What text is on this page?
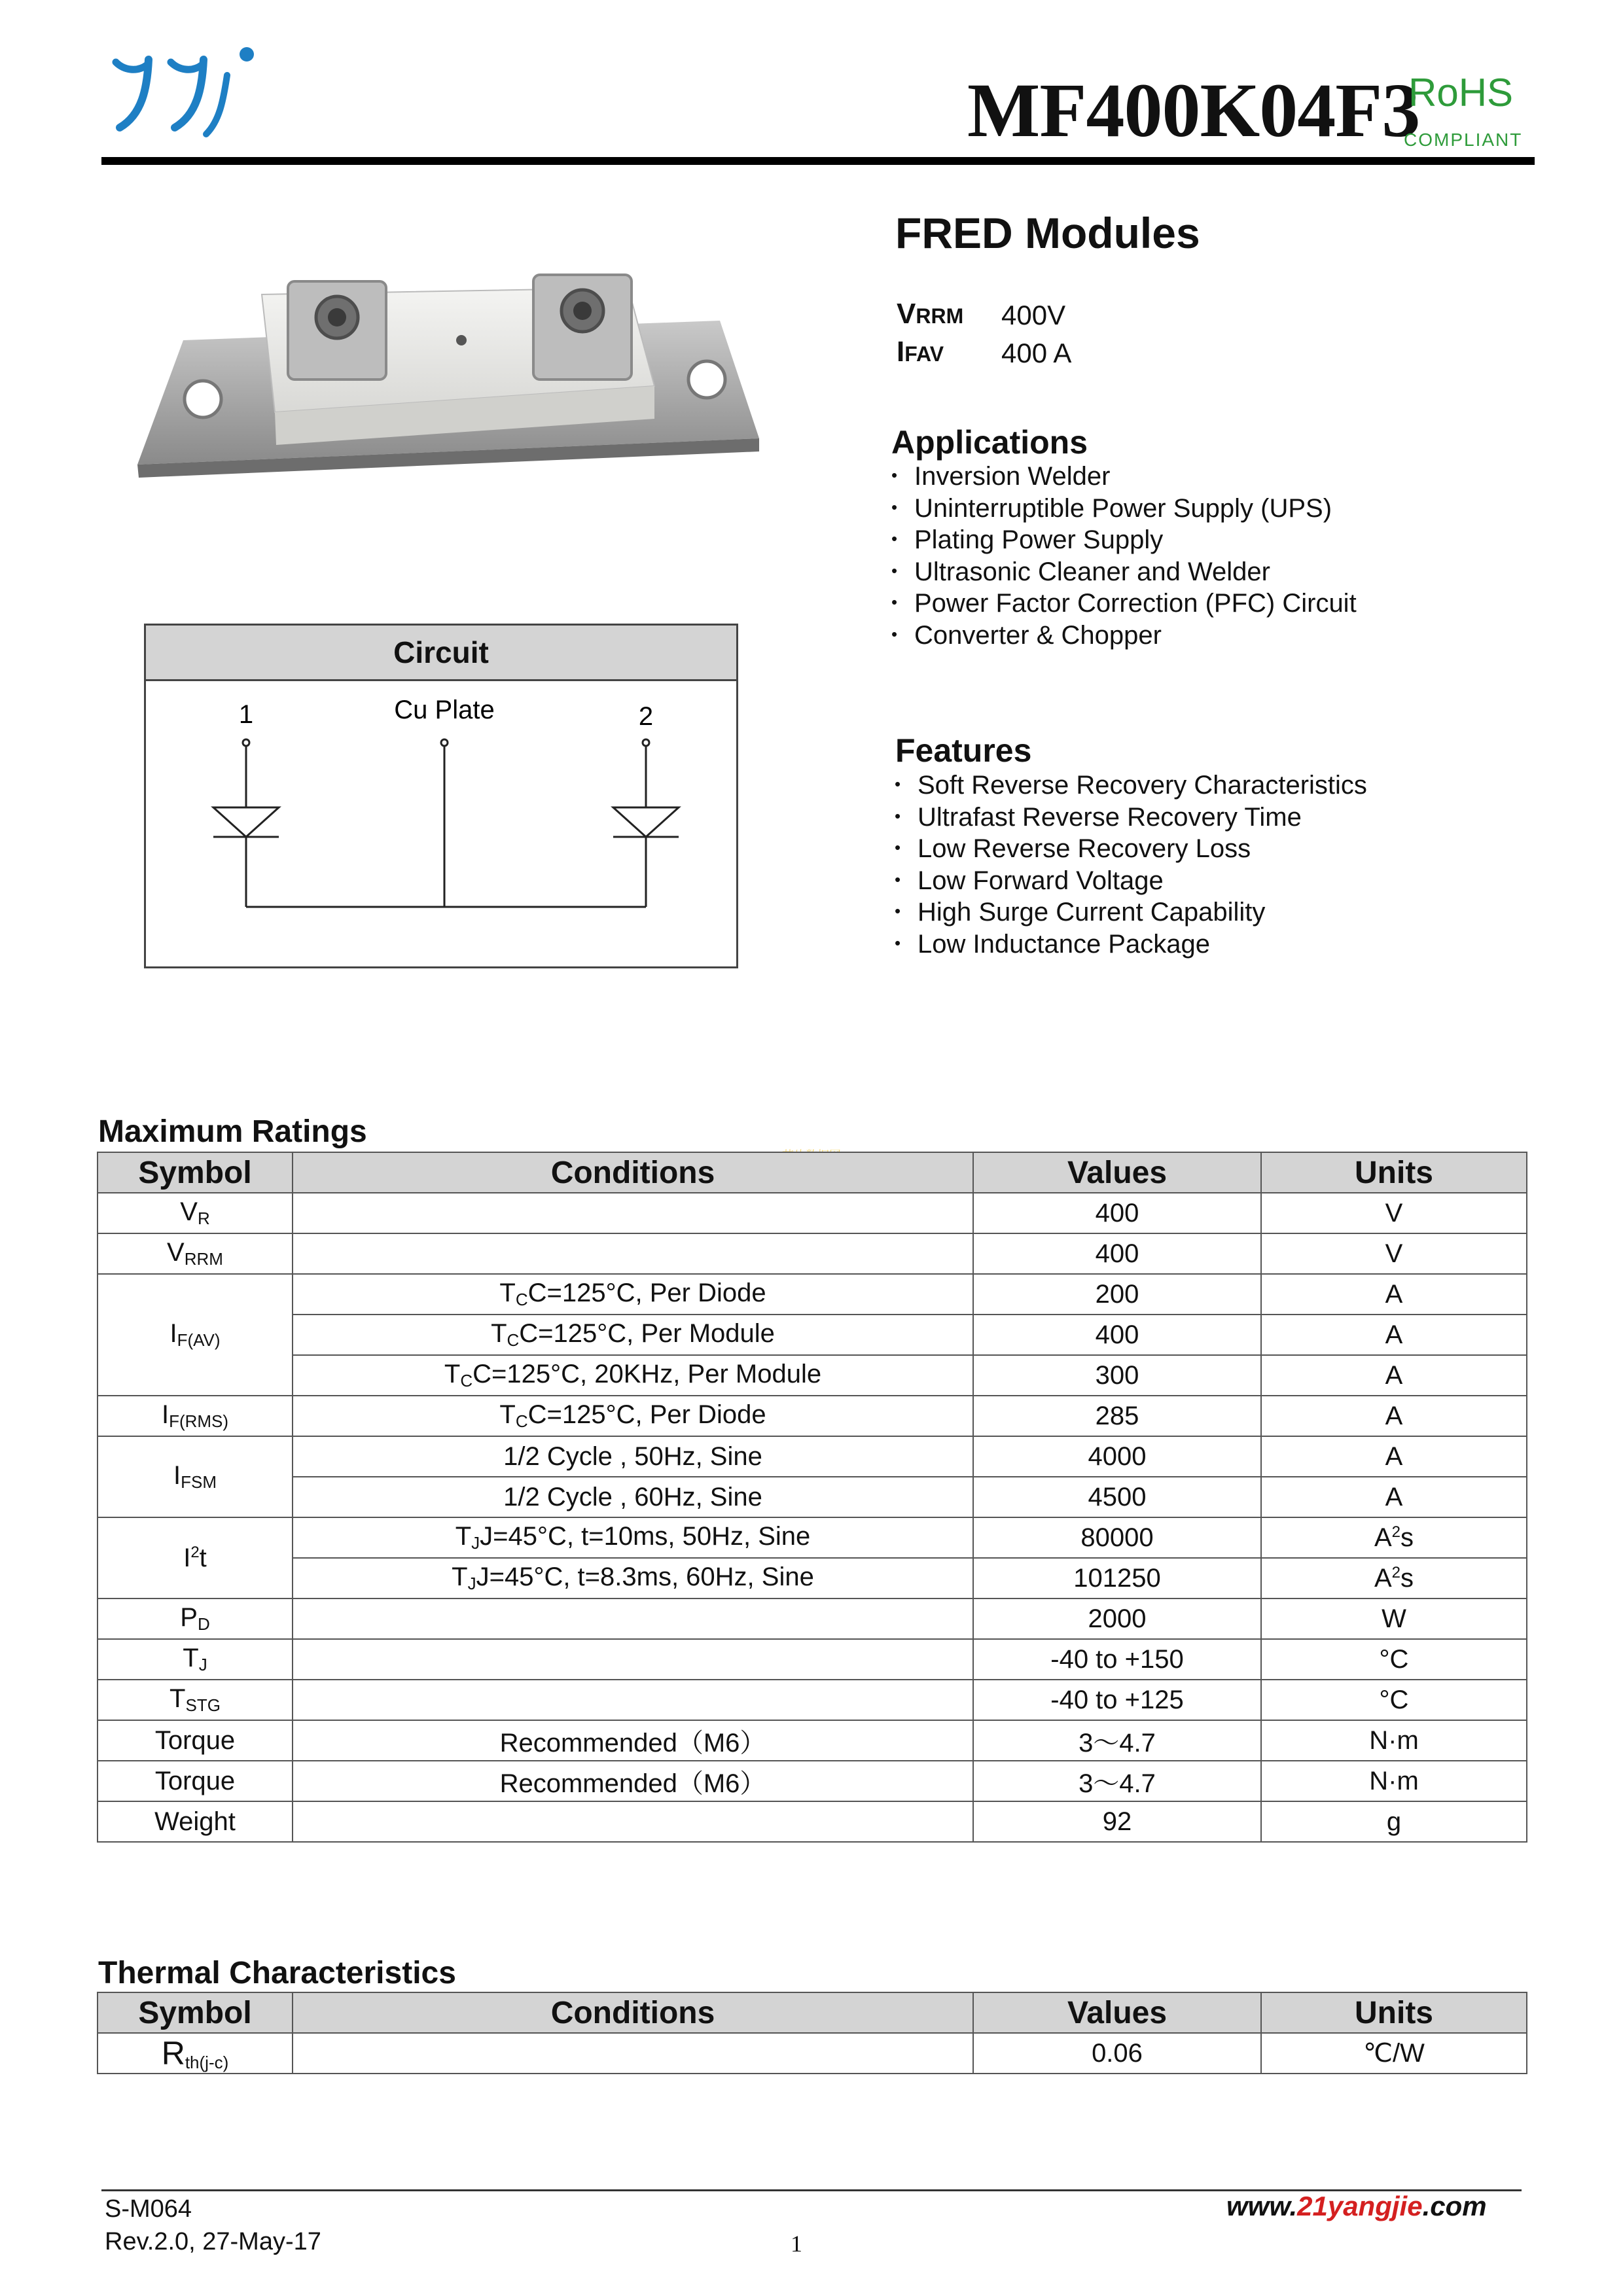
MF400K04F3
RoHS
COMPLIANT
FRED Modules
VRRM 400V
IFAV 400 A
Applications
• Inversion Welder
• Uninterruptible Power Supply (UPS)
• Plating Power Supply
• Ultrasonic Cleaner and Welder
• Power Factor Correction (PFC) Circuit
• Converter & Chopper
Circuit
1	Cu Plate	2
Features
• Soft Reverse Recovery Characteristics
• Ultrafast Reverse Recovery Time
• Low Reverse Recovery Loss
• Low Forward Voltage
• High Surge Current Capability
• Low Inductance Package
Maximum Ratings
Symbol	Conditions	Values	Units
$V_R$		400	V
$V_{RRM}$		400	V
$I_{F(AV)}$	$T_CC=125^\circ C$, Per Diode	200	A
	$T_CC=125^\circ C$, Per Module	400	A
	$T_CC=125^\circ C$, 20KHz, Per Module	300	A
$I_{F(RMS)}$	$T_CC=125^\circ C$, Per Diode	285	A
$I_{FSM}$	1/2 Cycle , 50Hz, Sine	4000	A
	1/2 Cycle , 60Hz, Sine	4500	A
$I^2t$	$T_JJ=45^\circ C$, t=10ms, 50Hz, Sine	80000	$A^2s$
	$T_JJ=45^\circ C$, t=8.3ms, 60Hz, Sine	101250	$A^2s$
$P_D$		2000	W
$T_J$		-40 to +150	°C
$T_{STG}$		-40 to +125	°C
Torque	Recommended（M6）	3～4.7	N·m
Torque	Recommended（M6）	3～4.7	N·m
Weight		92	g
Thermal Characteristics
Symbol	Conditions	Values	Units
$R_{th(j-c)}$		0.06	℃/W
S-M064
Rev.2.0, 27-May-17	1
www.21yangjie.com
